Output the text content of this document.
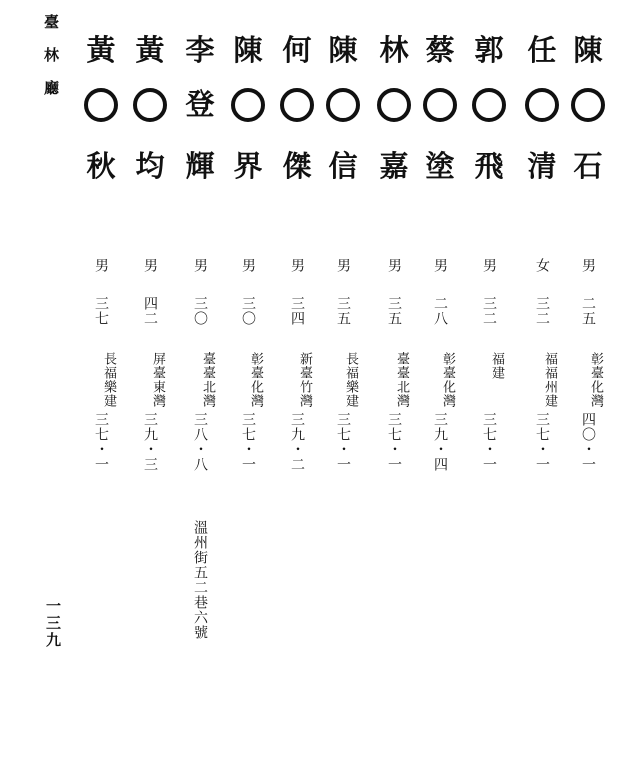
臺林廳
一三九
陳
石
男
二五
彰臺化灣
四〇・一
任
清
女
三二
福福州建
三七・一
郭
飛
男
三二
福建
三七・一
蔡
塗
男
二八
彰臺化灣
三九・四
林
嘉
男
三五
臺臺北灣
三七・一
陳
信
男
三五
長福樂建
三七・一
何
傑
男
三四
新臺竹灣
三九・二
陳
界
男
三〇
彰臺化灣
三七・一
李
輝
男
三〇
臺臺北灣
三八・八
溫州街五二巷六號
登
黃
均
男
四二
屏臺東灣
三九・三
黃
秋
男
三七
長福樂建
三七・一
